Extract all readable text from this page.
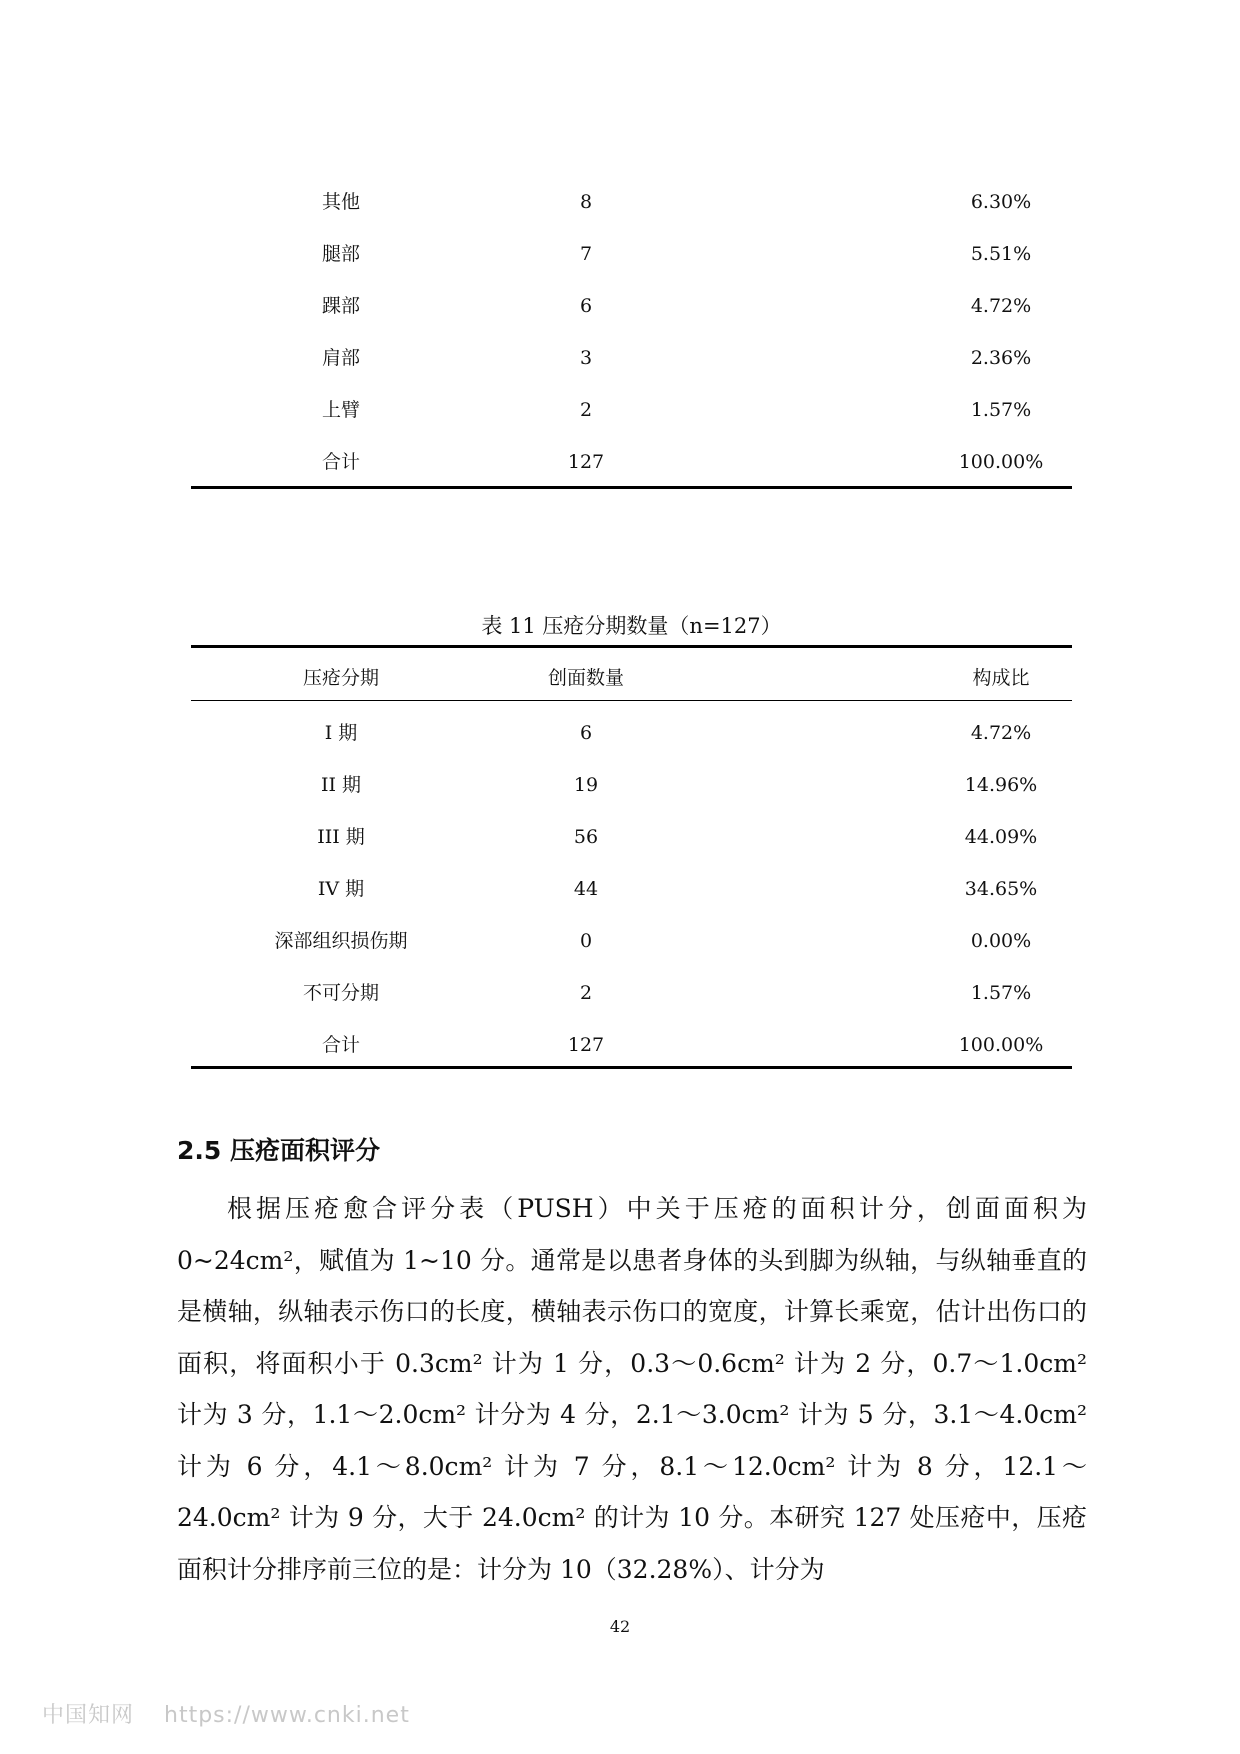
其他	8	6.30%
腿部	7	5.51%
踝部	6	4.72%
肩部	3	2.36%
上臂	2	1.57%
合计	127	100.00%
表 11 压疮分期数量（n=127）
压疮分期	创面数量	构成比
I 期	6	4.72%
II 期	19	14.96%
III 期	56	44.09%
IV 期	44	34.65%
深部组织损伤期	0	0.00%
不可分期	2	1.57%
合计	127	100.00%
2.5 压疮面积评分

根据压疮愈合评分表（PUSH）中关于压疮的面积计分，创面面积为0~24cm²，赋值为 1~10 分。通常是以患者身体的头到脚为纵轴，与纵轴垂直的是横轴，纵轴表示伤口的长度，横轴表示伤口的宽度，计算长乘宽，估计出伤口的面积，将面积小于 0.3cm² 计为 1 分，0.3～0.6cm² 计为 2 分，0.7～1.0cm² 计为 3 分，1.1～2.0cm² 计分为 4 分，2.1～3.0cm² 计为 5 分，3.1～4.0cm² 计为 6 分，4.1～8.0cm² 计为 7 分，8.1～12.0cm² 计为 8 分，12.1～24.0cm² 计为 9 分，大于 24.0cm² 的计为 10 分。本研究 127 处压疮中，压疮面积计分排序前三位的是：计分为 10（32.28%）、计分为

42
中国知网 https://www.cnki.net
